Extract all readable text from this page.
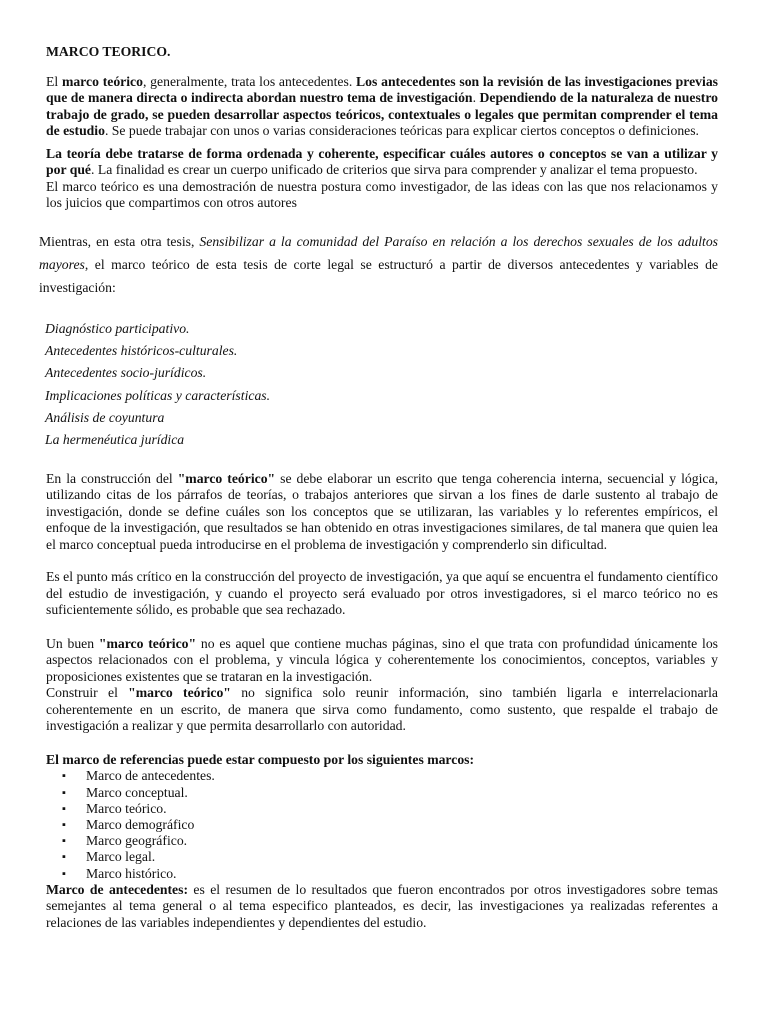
MARCO TEORICO.

El marco teórico, generalmente, trata los antecedentes. Los antecedentes son la revisión de las investigaciones previas que de manera directa o indirecta abordan nuestro tema de investigación. Dependiendo de la naturaleza de nuestro trabajo de grado, se pueden desarrollar aspectos teóricos, contextuales o legales que permitan comprender el tema de estudio. Se puede trabajar con unos o varias consideraciones teóricas para explicar ciertos conceptos o definiciones.

La teoría debe tratarse de forma ordenada y coherente, especificar cuáles autores o conceptos se van a utilizar y por qué. La finalidad es crear un cuerpo unificado de criterios que sirva para comprender y analizar el tema propuesto.

El marco teórico es una demostración de nuestra postura como investigador, de las ideas con las que nos relacionamos y los juicios que compartimos con otros autores

Mientras, en esta otra tesis, Sensibilizar a la comunidad del Paraíso en relación a los derechos sexuales de los adultos mayores, el marco teórico de esta tesis de corte legal se estructuró a partir de diversos antecedentes y variables de investigación:

Diagnóstico participativo.
Antecedentes históricos-culturales.
Antecedentes socio-jurídicos.
Implicaciones políticas y características.
Análisis de coyuntura
La hermenéutica jurídica

En la construcción del "marco teórico" se debe elaborar un escrito que tenga coherencia interna, secuencial y lógica, utilizando citas de los párrafos de teorías, o trabajos anteriores que sirvan a los fines de darle sustento al trabajo de investigación, donde se define cuáles son los conceptos que se utilizaran, las variables y lo referentes empíricos, el enfoque de la investigación, que resultados se han obtenido en otras investigaciones similares, de tal manera que quien lea el marco conceptual pueda introducirse en el problema de investigación y comprenderlo sin dificultad.

Es el punto más crítico en la construcción del proyecto de investigación, ya que aquí se encuentra el fundamento científico del estudio de investigación, y cuando el proyecto será evaluado por otros investigadores, si el marco teórico no es suficientemente sólido, es probable que sea rechazado.

Un buen "marco teórico" no es aquel que contiene muchas páginas, sino el que trata con profundidad únicamente los aspectos relacionados con el problema, y vincula lógica y coherentemente los conocimientos, conceptos, variables y proposiciones existentes que se trataran en la investigación.

Construir el "marco teórico" no significa solo reunir información, sino también ligarla e interrelacionarla coherentemente en un escrito, de manera que sirva como fundamento, como sustento, que respalde el trabajo de investigación a realizar y que permita desarrollarlo con autoridad.

El marco de referencias puede estar compuesto por los siguientes marcos:

▪ Marco de antecedentes.
▪ Marco conceptual.
▪ Marco teórico.
▪ Marco demográfico
▪ Marco geográfico.
▪ Marco legal.
▪ Marco histórico.

Marco de antecedentes: es el resumen de lo resultados que fueron encontrados por otros investigadores sobre temas semejantes al tema general o al tema especifico planteados, es decir, las investigaciones ya realizadas referentes a relaciones de las variables independientes y dependientes del estudio.
